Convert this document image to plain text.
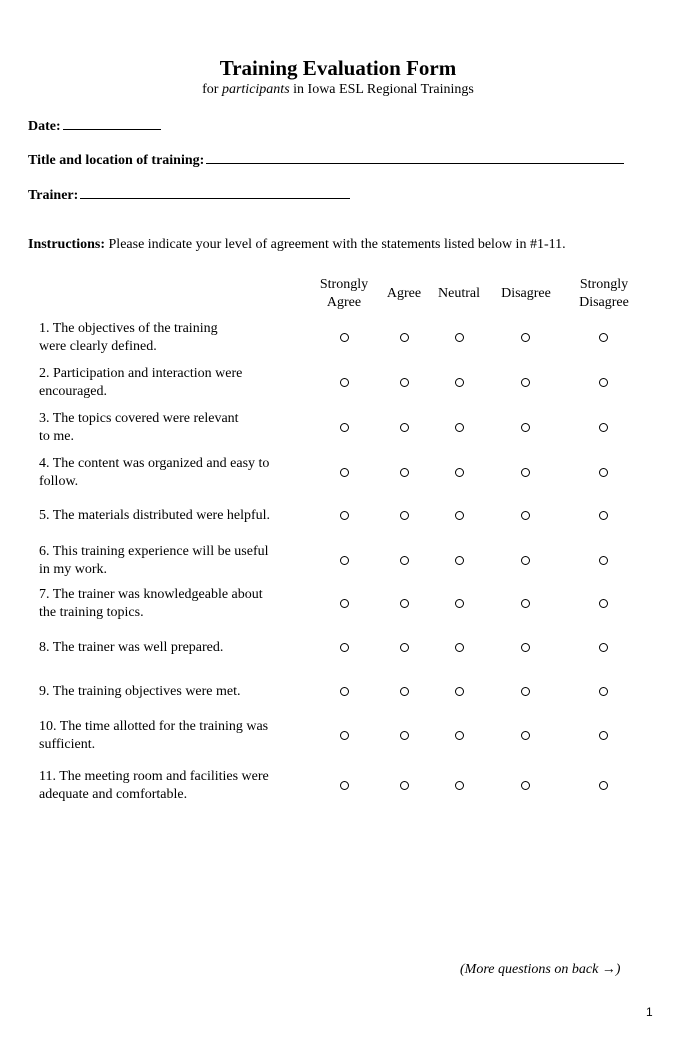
Training Evaluation Form
for participants in Iowa ESL Regional Trainings
Date:
Title and location of training:
Trainer:
Instructions: Please indicate your level of agreement with the statements listed below in #1-11.
Strongly
Agree
Agree	Neutral	Disagree
Strongly
Disagree
1. The objectives of the training
were clearly defined.
2. Participation and interaction were
encouraged.
3. The topics covered were relevant
to me.
4. The content was organized and easy to
follow.
5. The materials distributed were helpful.
6. This training experience will be useful
in my work.
7. The trainer was knowledgeable about
the training topics.
8. The trainer was well prepared.
9. The training objectives were met.
10. The time allotted for the training was
sufficient.
11. The meeting room and facilities were
adequate and comfortable.
(More questions on back →)
1
